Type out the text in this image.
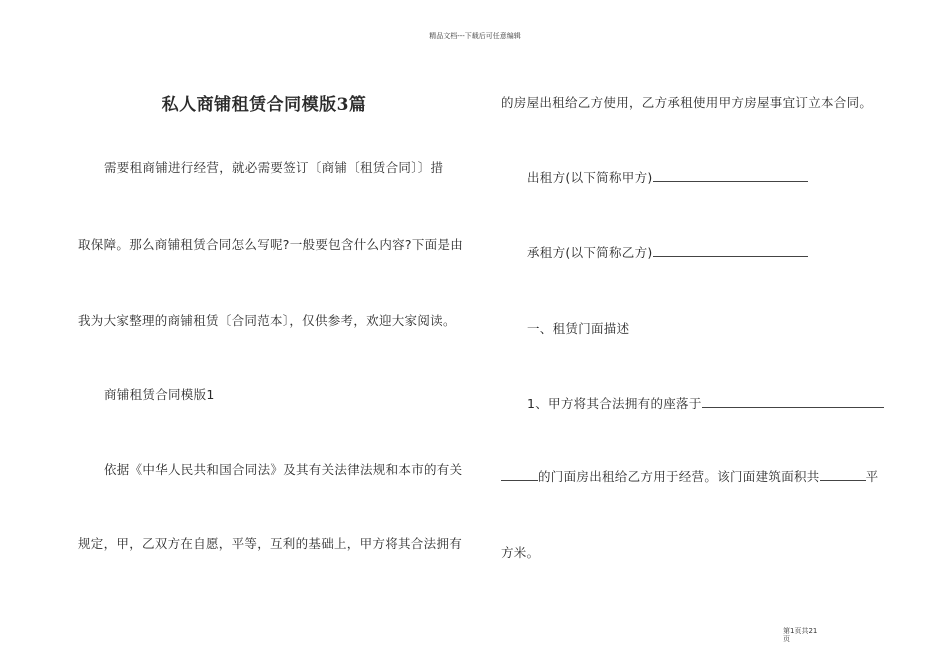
精品文档---下载后可任意编辑
私人商铺租赁合同模版3篇
需要租商铺进行经营，就必需要签订〔商铺〔租赁合同〕〕措
取保障。那么商铺租赁合同怎么写呢?一般要包含什么内容?下面是由
我为大家整理的商铺租赁〔合同范本〕，仅供参考，欢迎大家阅读。
商铺租赁合同模版1
依据《中华人民共和国合同法》及其有关法律法规和本市的有关
规定，甲，乙双方在自愿，平等，互利的基础上，甲方将其合法拥有
的房屋出租给乙方使用，乙方承租使用甲方房屋事宜订立本合同。
出租方(以下简称甲方)
承租方(以下简称乙方)
一、租赁门面描述
1、甲方将其合法拥有的座落于
的门面房出租给乙方用于经营。该门面建筑面积共	平
方米。
第1页共21
页
